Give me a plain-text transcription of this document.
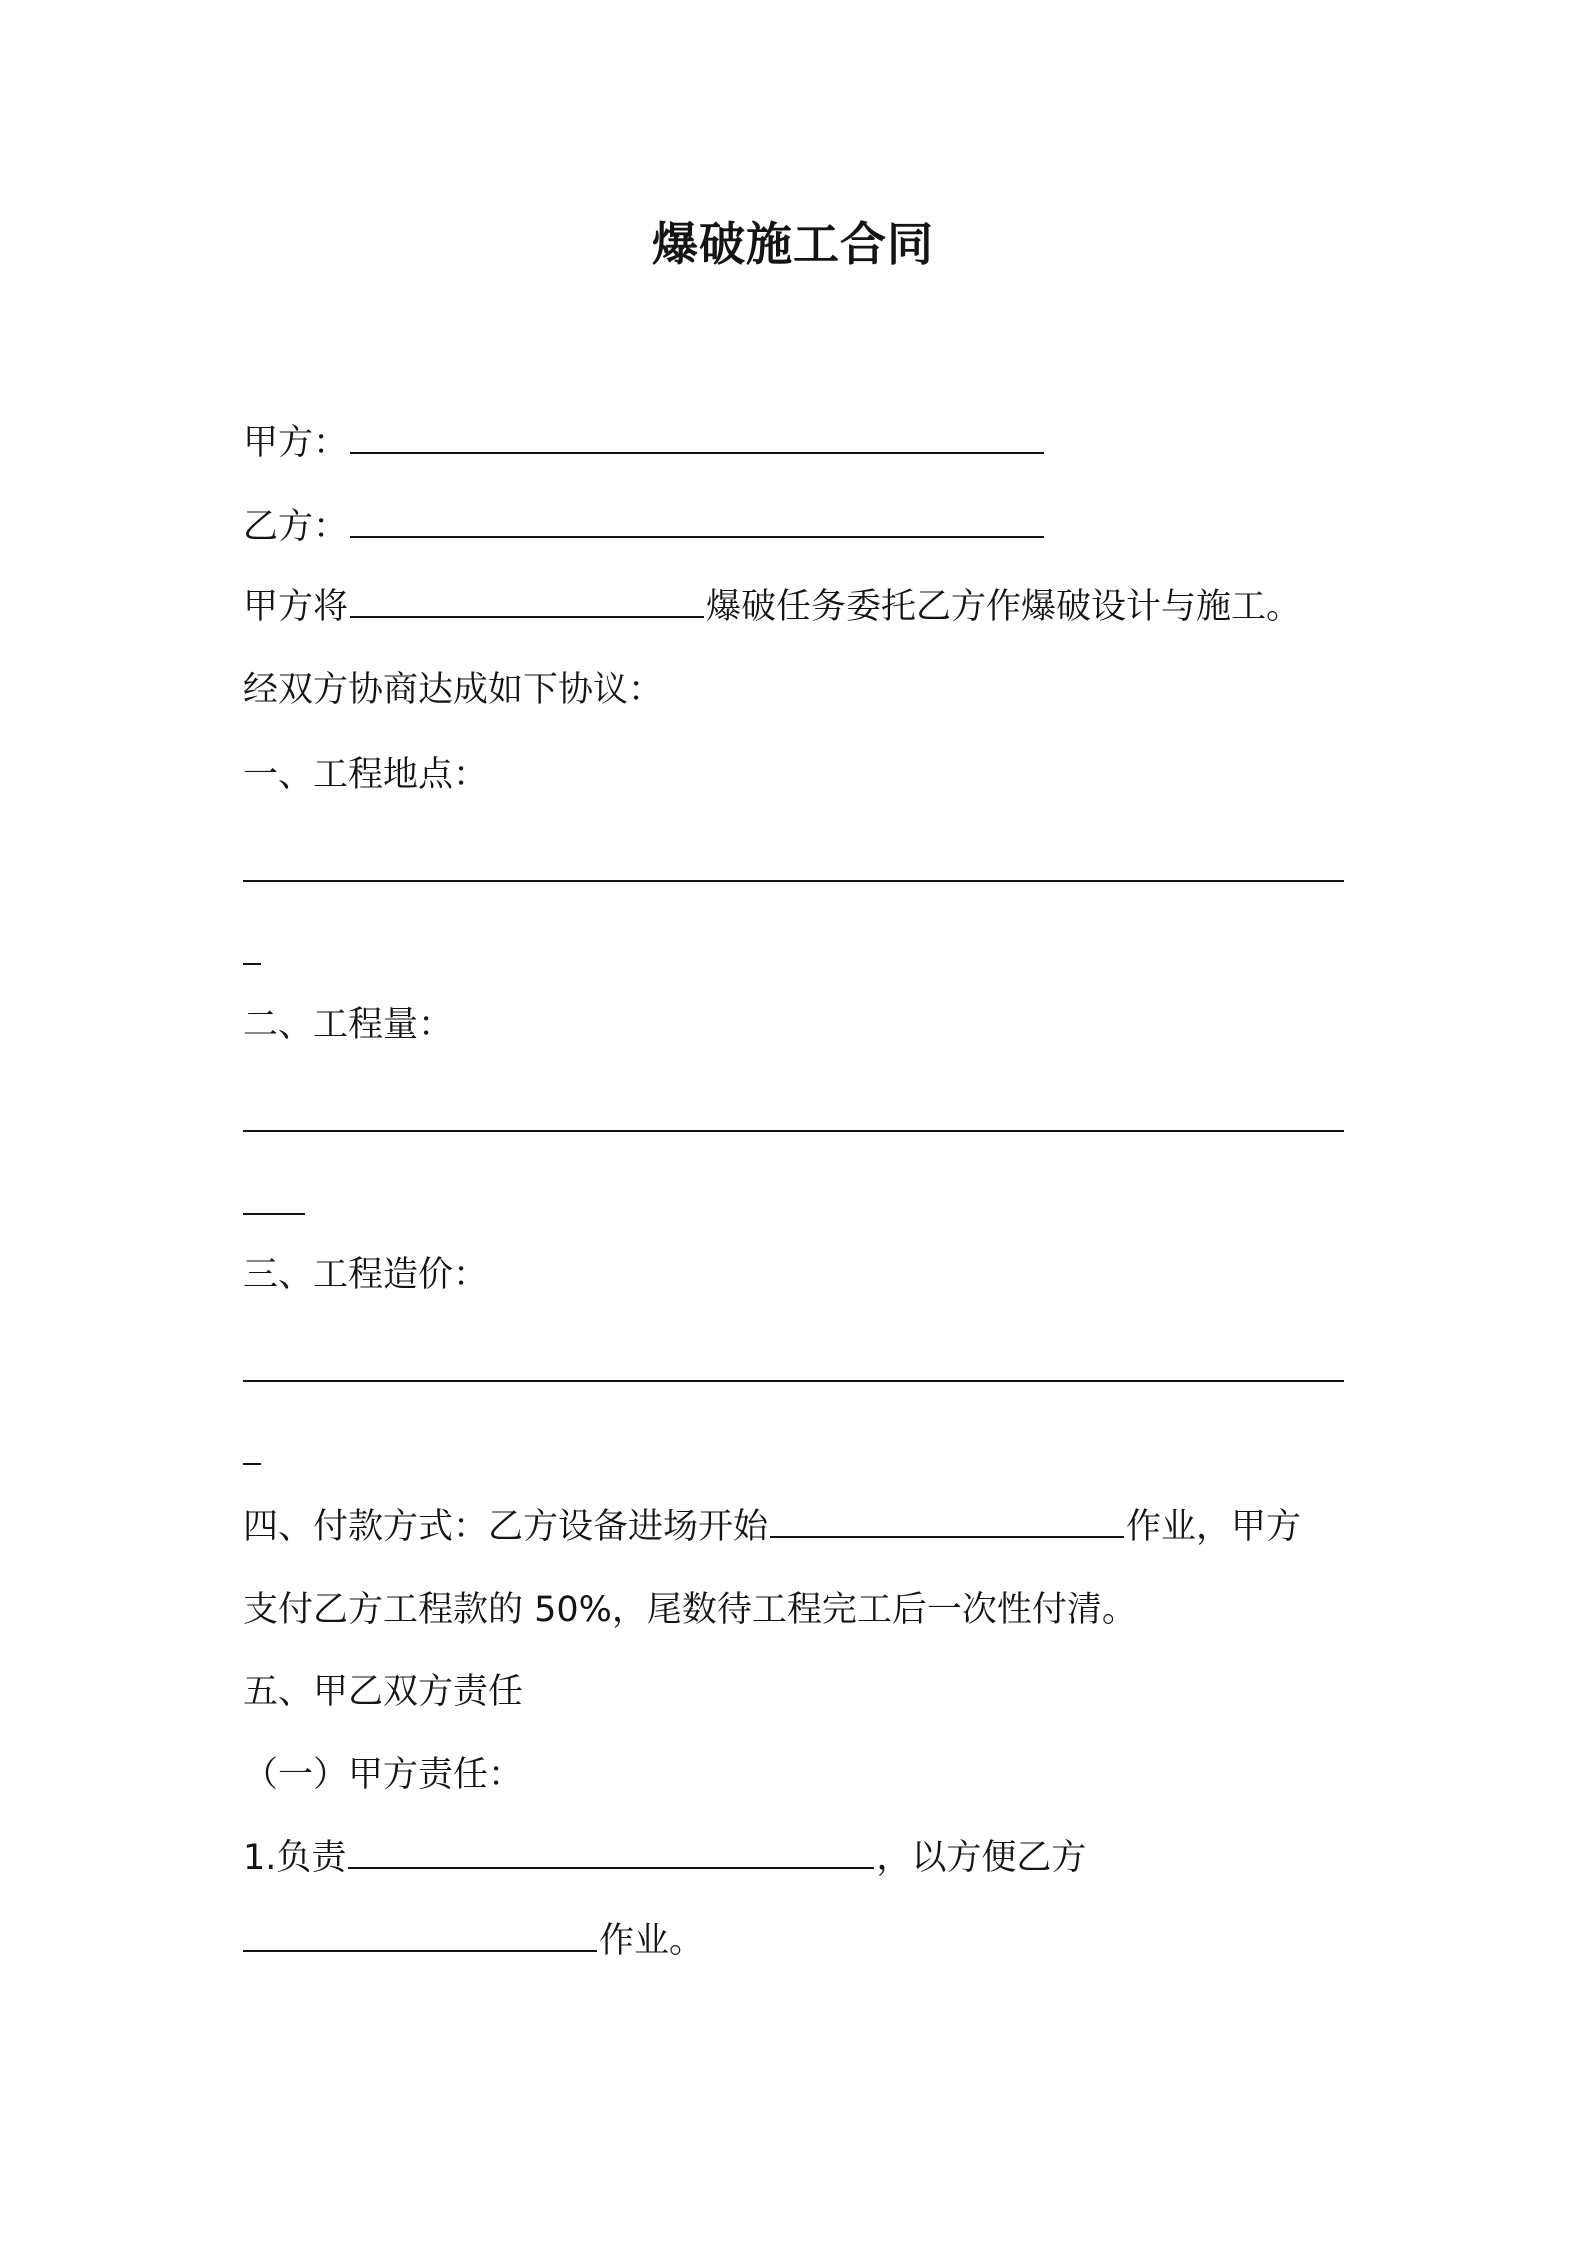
爆破施工合同
甲方：
乙方：
甲方将	爆破任务委托乙方作爆破设计与施工。
经双方协商达成如下协议：
一、工程地点：
二、工程量：
三、工程造价：
四、付款方式：乙方设备进场开始	作业，甲方
支付乙方工程款的 50%，尾数待工程完工后一次性付清。
五、甲乙双方责任
（一）甲方责任：
1.负责	，以方便乙方
作业。
